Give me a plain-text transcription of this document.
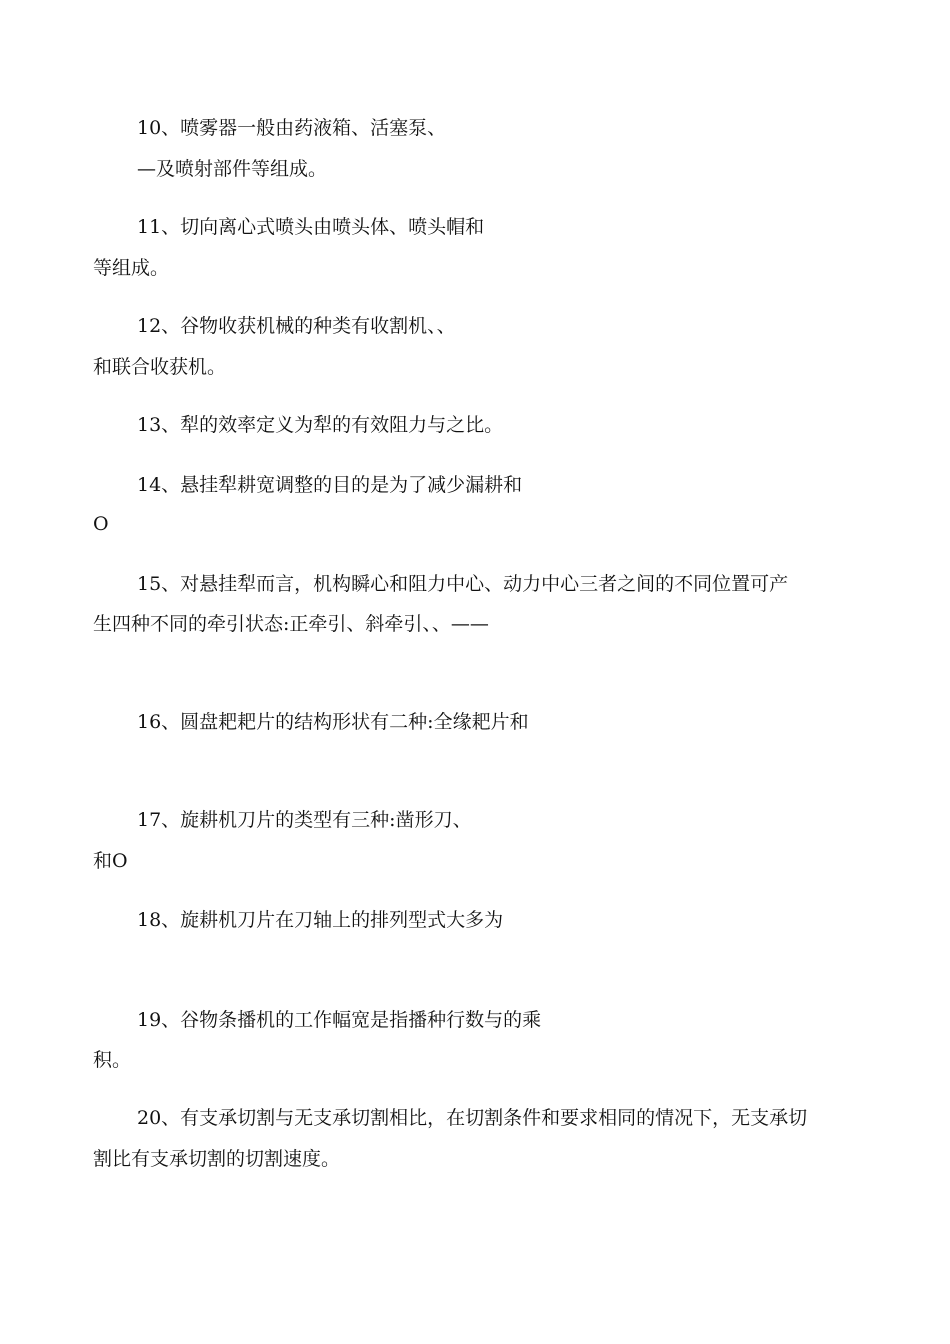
10、喷雾器一般由药液箱、活塞泵、
—及喷射部件等组成。
11、切向离心式喷头由喷头体、喷头帽和
等组成。
12、谷物收获机械的种类有收割机、、
和联合收获机。
13、犁的效率定义为犁的有效阻力与之比。
14、悬挂犁耕宽调整的目的是为了减少漏耕和
O
15、对悬挂犁而言，机构瞬心和阻力中心、动力中心三者之间的不同位置可产
生四种不同的牵引状态:正牵引、斜牵引、、——
16、圆盘耙耙片的结构形状有二种:全缘耙片和
17、旋耕机刀片的类型有三种:凿形刀、
和O
18、旋耕机刀片在刀轴上的排列型式大多为
19、谷物条播机的工作幅宽是指播种行数与的乘
积。
20、有支承切割与无支承切割相比，在切割条件和要求相同的情况下，无支承切
割比有支承切割的切割速度。
